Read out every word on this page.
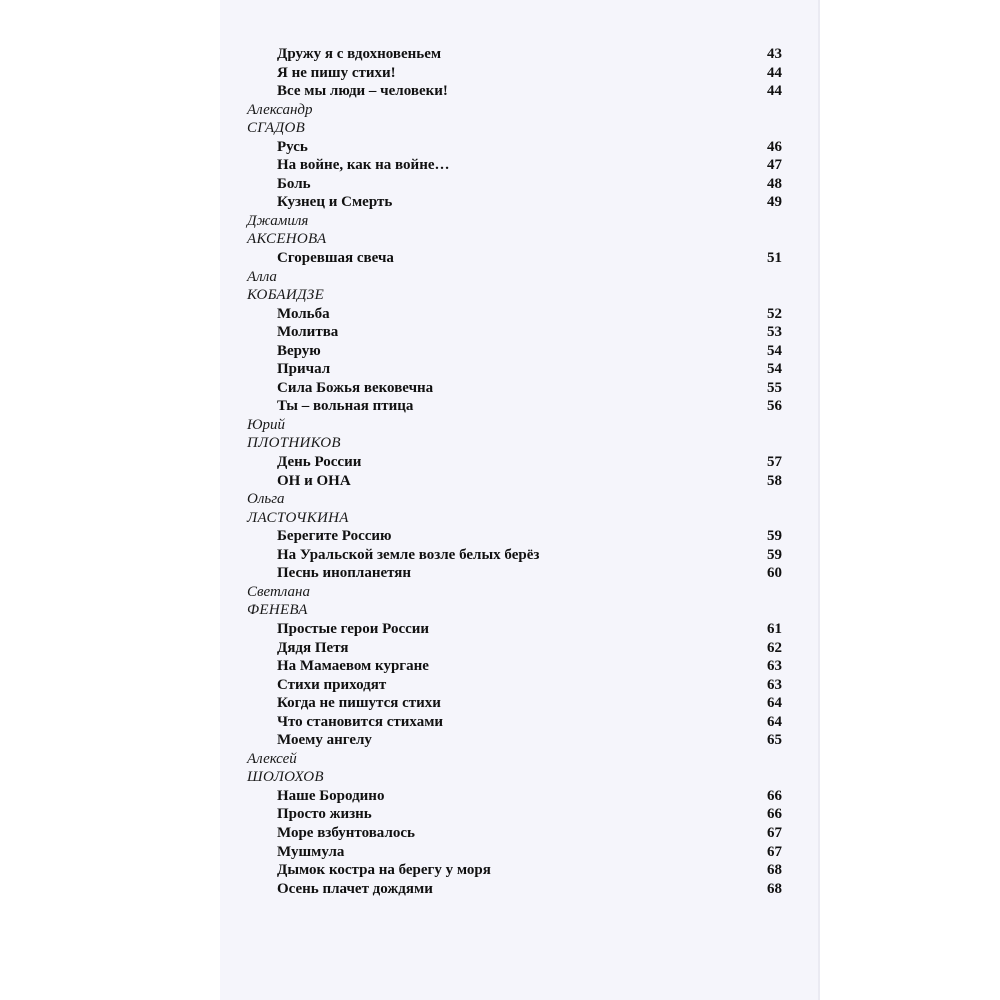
Дружу я с вдохновеньем	43
Я не пишу стихи!	44
Все мы люди – человеки!	44
Александр
СГАДОВ
Русь	46
На войне, как на войне…	47
Боль	48
Кузнец и Смерть	49
Джамиля
АКСЕНОВА
Сгоревшая свеча	51
Алла
КОБАИДЗЕ
Мольба	52
Молитва	53
Верую	54
Причал	54
Сила Божья вековечна	55
Ты – вольная птица	56
Юрий
ПЛОТНИКОВ
День России	57
ОН и ОНА	58
Ольга
ЛАСТОЧКИНА
Берегите Россию	59
На Уральской земле возле белых берёз	59
Песнь инопланетян	60
Светлана
ФЕНЕВА
Простые герои России	61
Дядя Петя	62
На Мамаевом кургане	63
Стихи приходят	63
Когда не пишутся стихи	64
Что становится стихами	64
Моему ангелу	65
Алексей
ШОЛОХОВ
Наше Бородино	66
Просто жизнь	66
Море взбунтовалось	67
Мушмула	67
Дымок костра на берегу у моря	68
Осень плачет дождями	68
